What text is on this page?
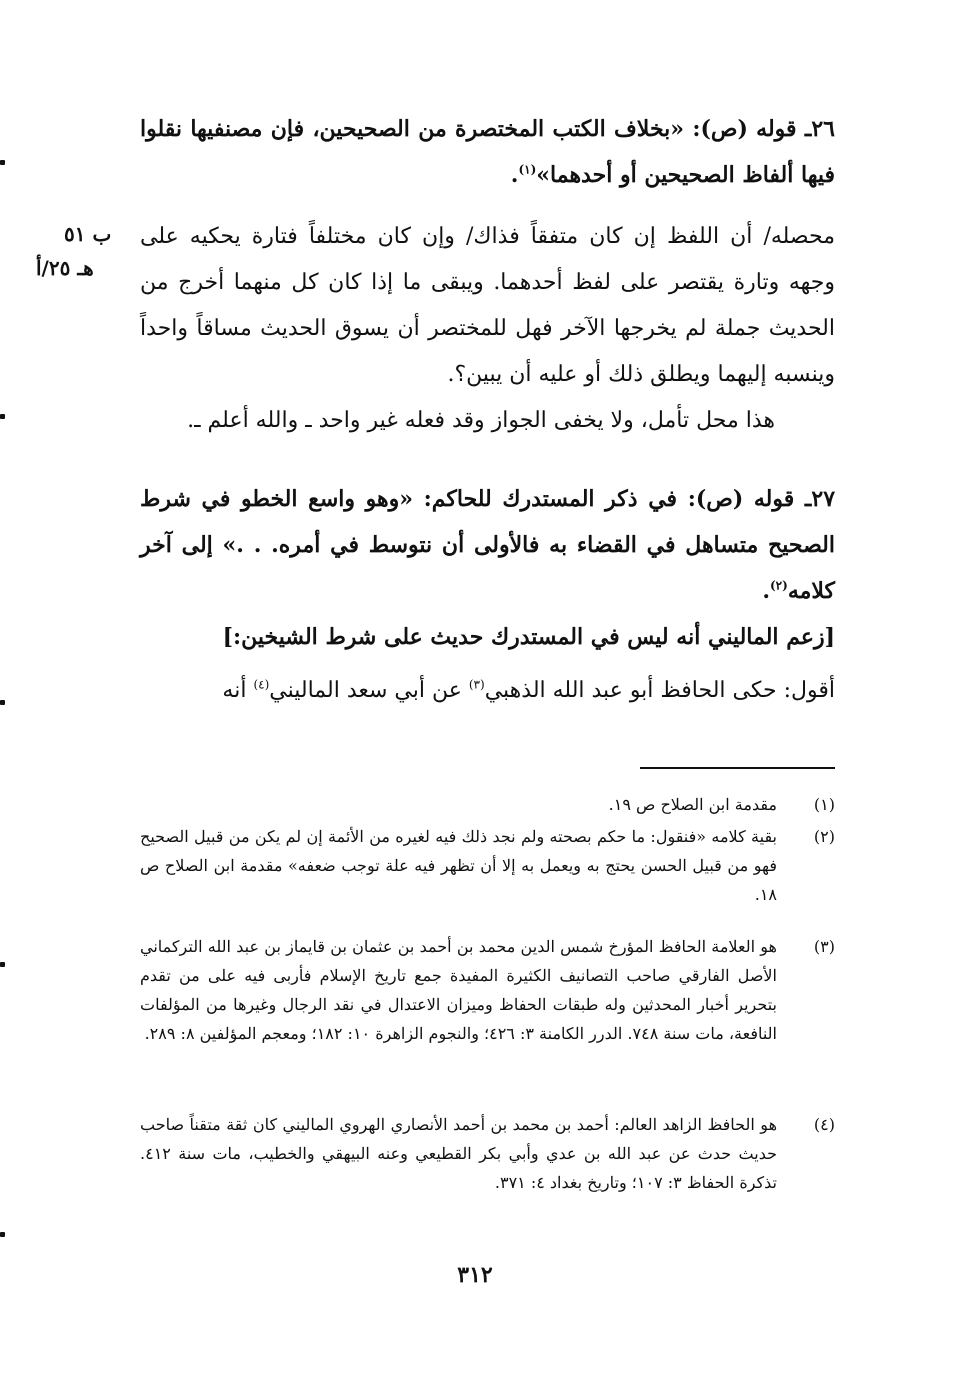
٢٦ـ قوله (ص): «بخلاف الكتب المختصرة من الصحيحين، فإن مصنفيها نقلوا فيها ألفاظ الصحيحين أو أحدهما»$^{(١)}$.
محصله/ أن اللفظ إن كان متفقاً فذاك/ وإن كان مختلفاً فتارة يحكيه على وجهه وتارة يقتصر على لفظ أحدهما. ويبقى ما إذا كان كل منهما أخرج من الحديث جملة لم يخرجها الآخر فهل للمختصر أن يسوق الحديث مساقاً واحداً وينسبه إليهما ويطلق ذلك أو عليه أن يبين؟.
ب ٥١
هـ ٢٥/أ
هذا محل تأمل، ولا يخفى الجواز وقد فعله غير واحد ـ والله أعلم ـ.
٢٧ـ قوله (ص): في ذكر المستدرك للحاكم: «وهو واسع الخطو في شرط الصحيح متساهل في القضاء به فالأولى أن نتوسط في أمره. . .» إلى آخر كلامه$^{(٢)}$.
[زعم الماليني أنه ليس في المستدرك حديث على شرط الشيخين:]
أقول: حكى الحافظ أبو عبد الله الذهبي$^{(٣)}$ عن أبي سعد الماليني$^{(٤)}$ أنه
(١)
مقدمة ابن الصلاح ص ١٩.
(٢)
بقية كلامه «فنقول: ما حكم بصحته ولم نجد ذلك فيه لغيره من الأئمة إن لم يكن من قبيل الصحيح فهو من قبيل الحسن يحتج به ويعمل به إلا أن تظهر فيه علة توجب ضعفه» مقدمة ابن الصلاح ص ١٨.
(٣)
هو العلامة الحافظ المؤرخ شمس الدين محمد بن أحمد بن عثمان بن قايماز بن عبد الله التركماني الأصل الفارقي صاحب التصانيف الكثيرة المفيدة جمع تاريخ الإسلام فأربى فيه على من تقدم بتحرير أخبار المحدثين وله طبقات الحفاظ وميزان الاعتدال في نقد الرجال وغيرها من المؤلفات النافعة، مات سنة ٧٤٨. الدرر الكامنة ٣: ٤٢٦؛ والنجوم الزاهرة ١٠: ١٨٢؛ ومعجم المؤلفين ٨: ٢٨٩.
(٤)
هو الحافظ الزاهد العالم: أحمد بن محمد بن أحمد الأنصاري الهروي الماليني كان ثقة متقناً صاحب حديث حدث عن عبد الله بن عدي وأبي بكر القطيعي وعنه البيهقي والخطيب، مات سنة ٤١٢. تذكرة الحفاظ ٣: ١٠٧؛ وتاريخ بغداد ٤: ٣٧١.
٣١٢
